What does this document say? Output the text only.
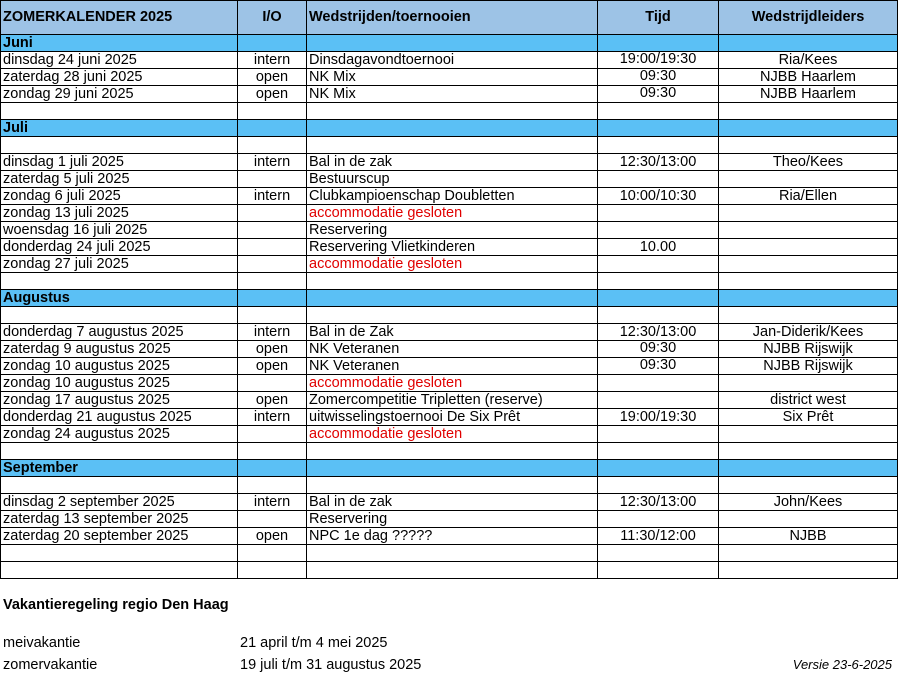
ZOMERKALENDER 2025	I/O	Wedstrijden/toernooien	Tijd	Wedstrijdleiders
Juni				
dinsdag 24 juni 2025	intern	Dinsdagavondtoernooi	19:00/19:30	Ria/Kees
zaterdag 28 juni 2025	open	NK Mix	09:30	NJBB Haarlem
zondag 29 juni 2025	open	NK Mix	09:30	NJBB Haarlem

Juli				

dinsdag 1 juli 2025	intern	Bal in de zak	12:30/13:00	Theo/Kees
zaterdag 5 juli 2025		Bestuurscup		
zondag 6 juli 2025	intern	Clubkampioenschap Doubletten	10:00/10:30	Ria/Ellen
zondag 13 juli 2025		accommodatie gesloten		
woensdag 16 juli 2025		Reservering		
donderdag 24 juli 2025		Reservering Vlietkinderen	10.00	
zondag 27 juli 2025		accommodatie gesloten		

Augustus				

donderdag 7 augustus 2025	intern	Bal in de Zak	12:30/13:00	Jan-Diderik/Kees
zaterdag 9 augustus 2025	open	NK Veteranen	09:30	NJBB Rijswijk
zondag 10 augustus 2025	open	NK Veteranen	09:30	NJBB Rijswijk
zondag 10 augustus 2025		accommodatie gesloten		
zondag 17 augustus 2025	open	Zomercompetitie Tripletten (reserve)		district west
donderdag 21 augustus 2025	intern	uitwisselingstoernooi De Six Prêt	19:00/19:30	Six Prêt
zondag 24 augustus 2025		accommodatie gesloten		

September				

dinsdag 2 september 2025	intern	Bal in de zak	12:30/13:00	John/Kees
zaterdag 13 september 2025		Reservering		
zaterdag 20 september 2025	open	NPC 1e dag ?????	11:30/12:00	NJBB

Vakantieregeling regio Den Haag
meivakantie	21 april t/m 4 mei 2025
zomervakantie	19 juli t/m 31 augustus 2025	Versie 23-6-2025
